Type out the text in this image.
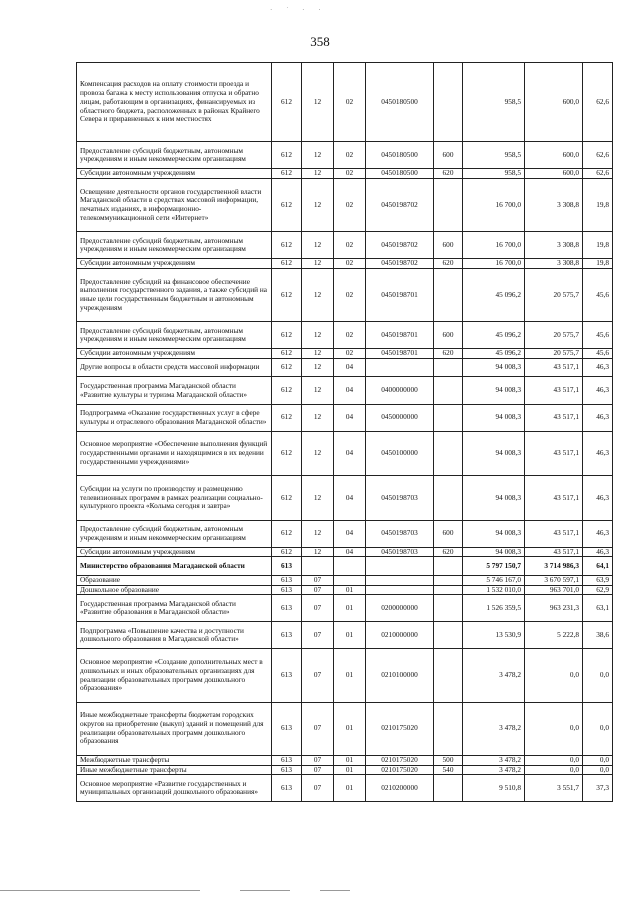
· ˙ · ·
358
Компенсация расходов на оплату стоимости проезда и провоза багажа к месту использования отпуска и обратно лицам, работающим в организациях, финансируемых из областного бюджета, расположенных в районах Крайнего Севера и приравненных к ним местностях	612	12	02	0450180500		958,5	600,0	62,6
Предоставление субсидий бюджетным, автономным учреждениям и иным некоммерческим организациям	612	12	02	0450180500	600	958,5	600,0	62,6
Субсидии автономным учреждениям	612	12	02	0450180500	620	958,5	600,0	62,6
Освещение деятельности органов государственной власти Магаданской области в средствах массовой информации, печатных изданиях, в информационно-телекоммуникационной сети «Интернет»	612	12	02	0450198702		16 700,0	3 308,8	19,8
Предоставление субсидий бюджетным, автономным учреждениям и иным некоммерческим организациям	612	12	02	0450198702	600	16 700,0	3 308,8	19,8
Субсидии автономным учреждениям	612	12	02	0450198702	620	16 700,0	3 308,8	19,8
Предоставление субсидий на финансовое обеспечение выполнения государственного задания, а также субсидий на иные цели государственным бюджетным и автономным учреждениям	612	12	02	0450198701		45 096,2	20 575,7	45,6
Предоставление субсидий бюджетным, автономным учреждениям и иным некоммерческим организациям	612	12	02	0450198701	600	45 096,2	20 575,7	45,6
Субсидии автономным учреждениям	612	12	02	0450198701	620	45 096,2	20 575,7	45,6
Другие вопросы в области средств массовой информации	612	12	04			94 008,3	43 517,1	46,3
Государственная программа Магаданской области «Развитие культуры и туризма Магаданской области»	612	12	04	0400000000		94 008,3	43 517,1	46,3
Подпрограмма «Оказание государственных услуг в сфере культуры и отраслевого образования Магаданской области»	612	12	04	0450000000		94 008,3	43 517,1	46,3
Основное мероприятие «Обеспечение выполнения функций государственными органами и находящимися в их ведении государственными учреждениями»	612	12	04	0450100000		94 008,3	43 517,1	46,3
Субсидии на услуги по производству и размещению телевизионных программ в рамках реализации социально-культурного проекта «Колыма сегодня и завтра»	612	12	04	0450198703		94 008,3	43 517,1	46,3
Предоставление субсидий бюджетным, автономным учреждениям и иным некоммерческим организациям	612	12	04	0450198703	600	94 008,3	43 517,1	46,3
Субсидии автономным учреждениям	612	12	04	0450198703	620	94 008,3	43 517,1	46,3
Министерство образования Магаданской области	613					5 797 150,7	3 714 986,3	64,1
Образование	613	07				5 746 167,0	3 670 597,1	63,9
Дошкольное образование	613	07	01			1 532 010,0	963 701,0	62,9
Государственная программа Магаданской области «Развитие образования в Магаданской области»	613	07	01	0200000000		1 526 359,5	963 231,3	63,1
Подпрограмма «Повышение качества и доступности дошкольного образования в Магаданской области»	613	07	01	0210000000		13 530,9	5 222,8	38,6
Основное мероприятие «Создание дополнительных мест в дошкольных и иных образовательных организациях для реализации образовательных программ дошкольного образования»	613	07	01	0210100000		3 478,2	0,0	0,0
Иные межбюджетные трансферты бюджетам городских округов на приобретение (выкуп) зданий и помещений для реализации образовательных программ дошкольного образования	613	07	01	0210175020		3 478,2	0,0	0,0
Межбюджетные трансферты	613	07	01	0210175020	500	3 478,2	0,0	0,0
Иные межбюджетные трансферты	613	07	01	0210175020	540	3 478,2	0,0	0,0
Основное мероприятие «Развитие государственных и муниципальных организаций дошкольного образования»	613	07	01	0210200000		9 510,8	3 551,7	37,3
